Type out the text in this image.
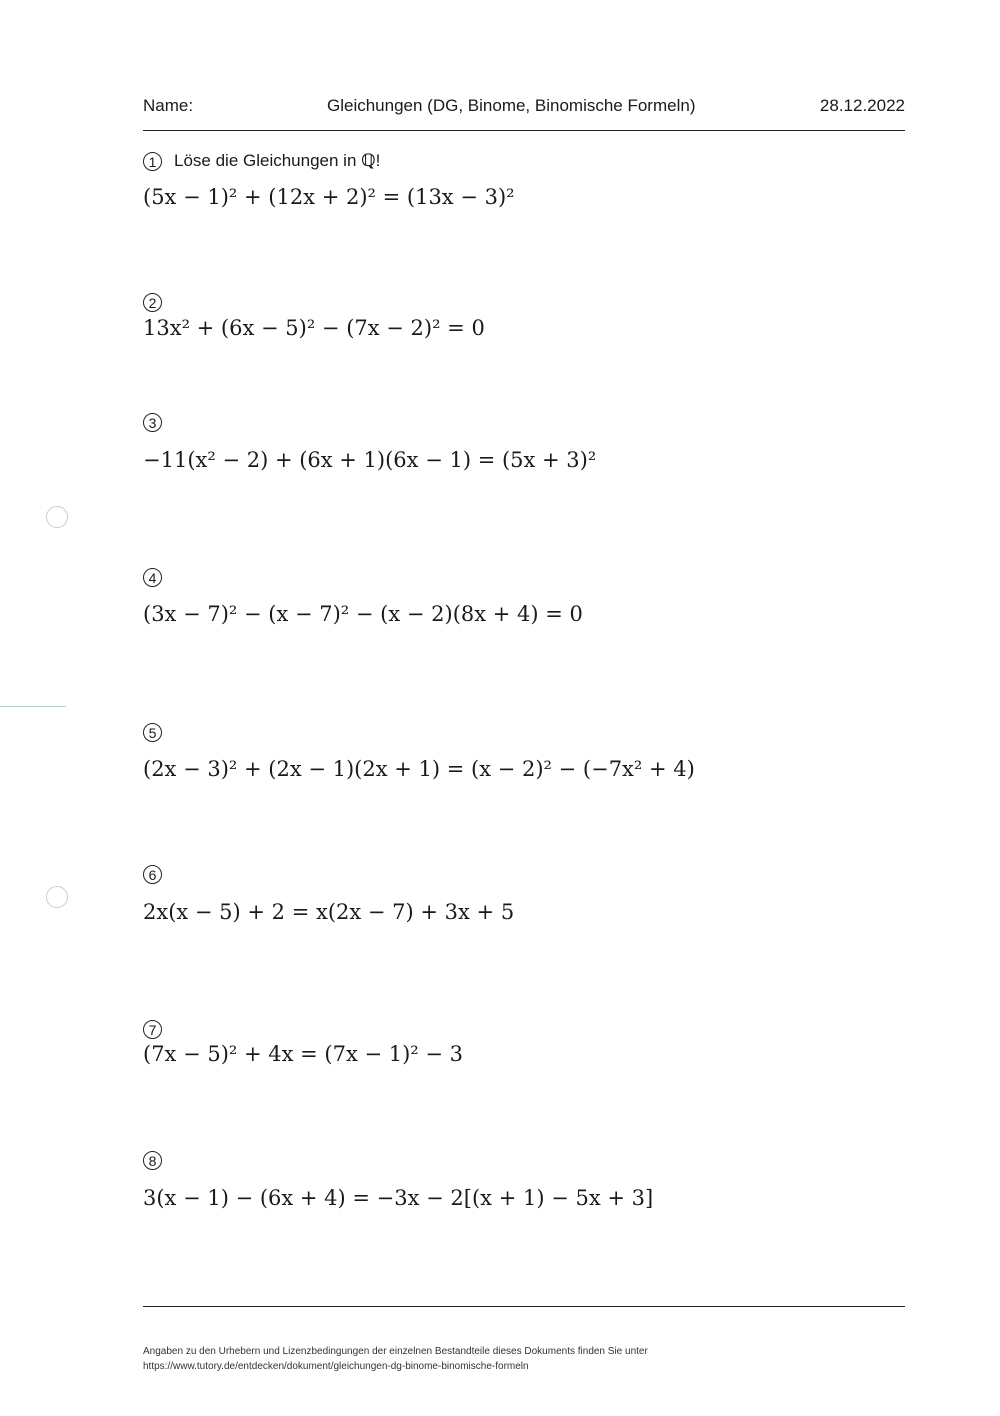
Name:	Gleichungen (DG, Binome, Binomische Formeln)	28.12.2022
1 Löse die Gleichungen in ℚ!
(5x − 1)² + (12x + 2)² = (13x − 3)²
2
13x² + (6x − 5)² − (7x − 2)² = 0
3
−11(x² − 2) + (6x + 1)(6x − 1) = (5x + 3)²
4
(3x − 7)² − (x − 7)² − (x − 2)(8x + 4) = 0
5
(2x − 3)² + (2x − 1)(2x + 1) = (x − 2)² − (−7x² + 4)
6
2x(x − 5) + 2 = x(2x − 7) + 3x + 5
7
(7x − 5)² + 4x = (7x − 1)² − 3
8
3(x − 1) − (6x + 4) = −3x − 2[(x + 1) − 5x + 3]
Angaben zu den Urhebern und Lizenzbedingungen der einzelnen Bestandteile dieses Dokuments finden Sie unter
https://www.tutory.de/entdecken/dokument/gleichungen-dg-binome-binomische-formeln
